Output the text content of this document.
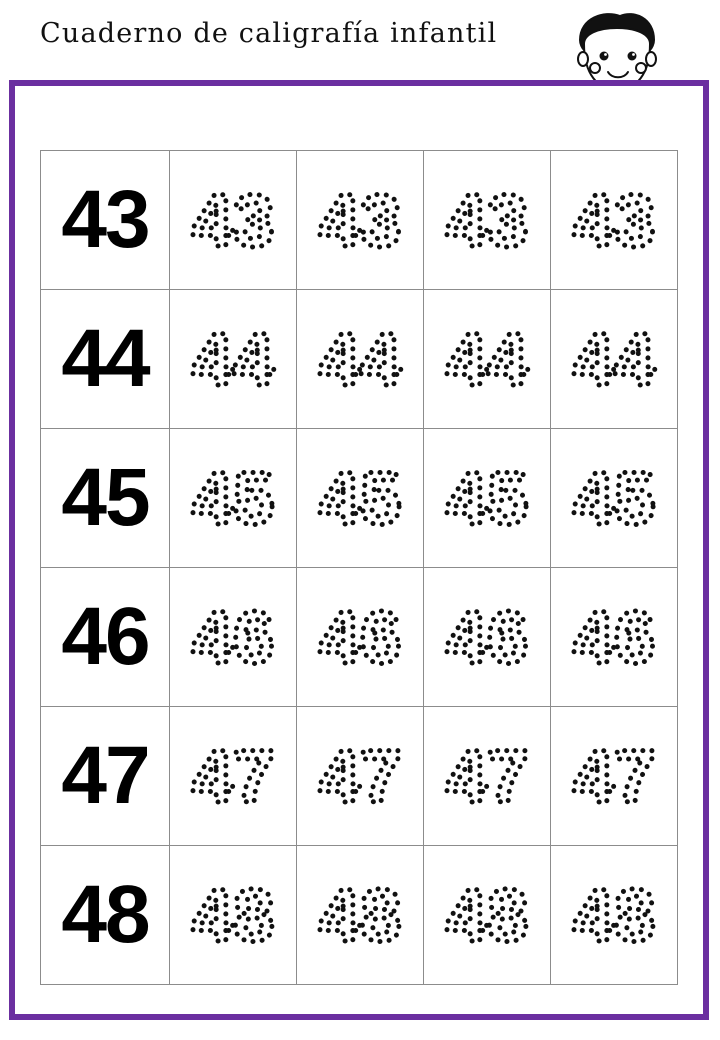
Cuaderno de caligrafía infantil
43	43	43	43	43

44	44	44	44	44

45	45	45	45	45

46	46	46	46	46

47	47	47	47	47

48	48	48	48	48
